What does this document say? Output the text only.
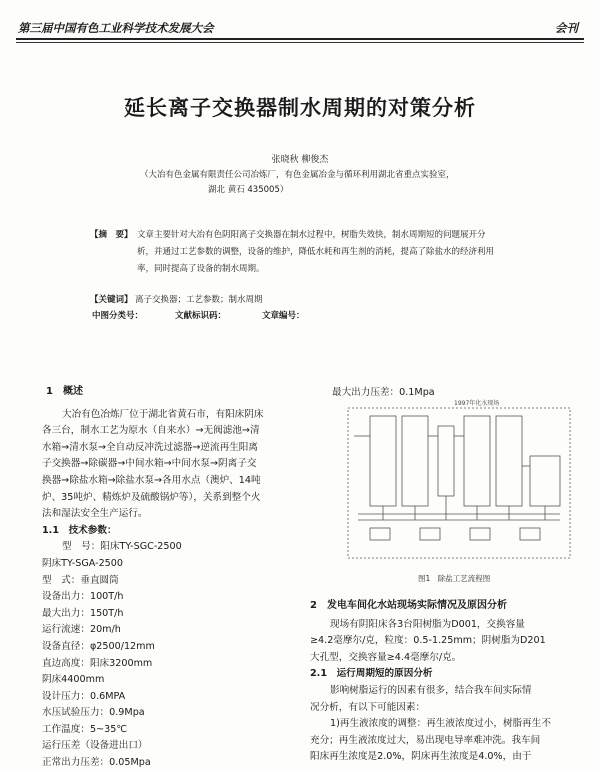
第三届中国有色工业科学技术发展大会	会刊
延长离子交换器制水周期的对策分析
张晓秋 柳俊杰
（大冶有色金属有限责任公司冶炼厂，有色金属冶金与循环利用湖北省重点实验室，
湖北 黄石 435005）
【摘　要】 文章主要针对大冶有色阴阳离子交换器在制水过程中，树脂失效快，制水周期短的问题展开分
析，并通过工艺参数的调整，设备的维护，降低水耗和再生剂的消耗，提高了除盐水的经济利用
率，同时提高了设备的制水周期。
【关键词】 离子交换器；工艺参数；制水周期
中图分类号：	文献标识码：	文章编号：
1　概述
大冶有色冶炼厂位于湖北省黄石市，有阳床阴床
各三台，制水工艺为原水（自来水）→无阀滤池→清
水箱→清水泵→全自动反冲洗过滤器→逆流再生阳离
子交换器→除碳器→中间水箱→中间水泵→阴离子交
换器→除盐水箱→除盐水泵→各用水点（澳炉、14吨
炉、35吨炉、精炼炉及硫酸锅炉等），关系到整个火
法和湿法安全生产运行。
1.1　技术参数：
型　号：阳床TY-SGC-2500
阴床TY-SGA-2500
型　式：垂直圆筒
设备出力：100T/h
最大出力：150T/h
运行流速：20m/h
设备直径：φ2500/12mm
直边高度：阳床3200mm
阴床4400mm
设计压力：0.6MPA
水压试验压力：0.9Mpa
工作温度：5~35℃
运行压差（设备进出口）
正常出力压差：0.05Mpa
最大出力压差：0.1Mpa
1997年化水现场
图1　除盐工艺流程图
2　发电车间化水站现场实际情况及原因分析
现场有阴阳床各3台阳树脂为D001，交换容量
≥4.2毫摩尔/克，粒度：0.5-1.25mm；阴树脂为D201
大孔型，交换容量≥4.4毫摩尔/克。
2.1　运行周期短的原因分析
影响树脂运行的因素有很多，结合我车间实际情
况分析，有以下可能因素：
1)再生液浓度的调整：再生液浓度过小，树脂再生不
充分；再生液浓度过大，易出现电导率难冲洗。我车间
阳床再生浓度是2.0%，阴床再生浓度是4.0%，由于
